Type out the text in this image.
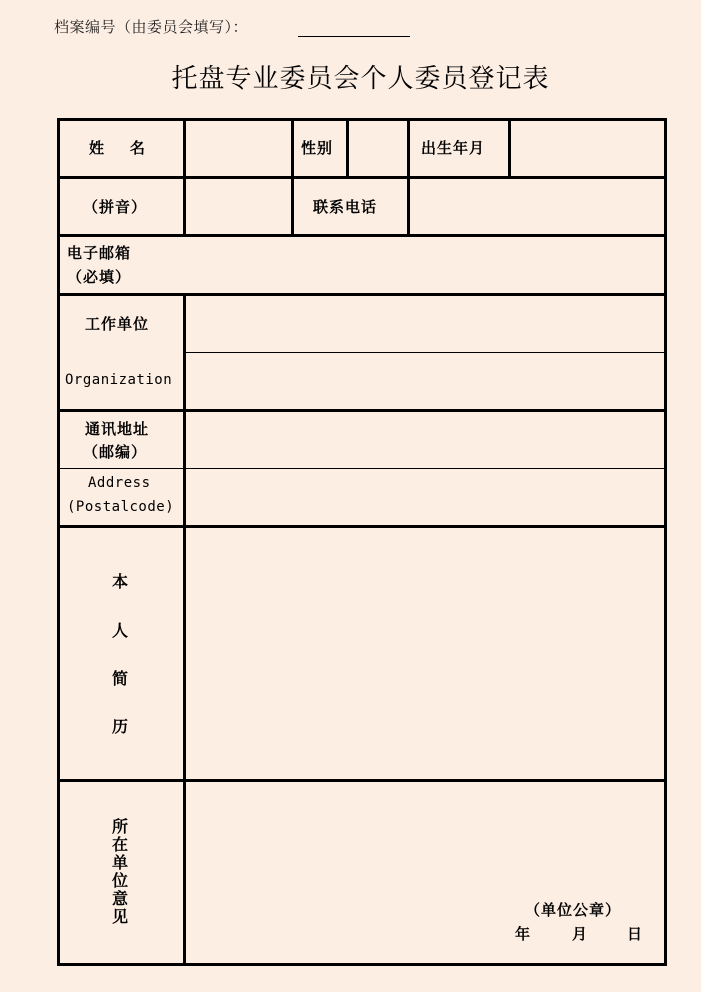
档案编号（由委员会填写）：
托盘专业委员会个人委员登记表
姓    名	性别	出生年月
（拼音）	联系电话
电子邮箱
（必填）
工作单位
Organization
通讯地址
（邮编）
Address
(Postalcode)
本
人
简
历
所
在
单
位
意
见	（单位公章）
年	月	日
